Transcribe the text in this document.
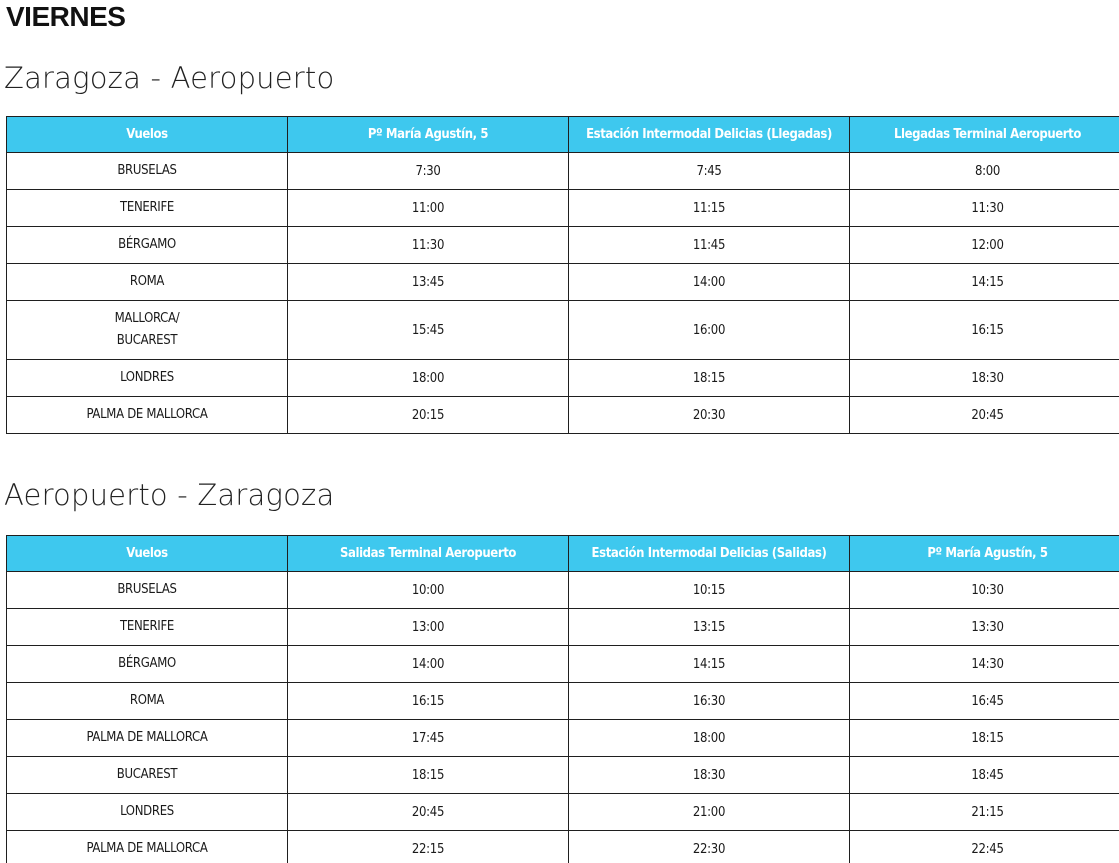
VIERNES
Zaragoza - Aeropuerto
Vuelos	Pº María Agustín, 5	Estación Intermodal Delicias (Llegadas)	Llegadas Terminal Aeropuerto
BRUSELAS	7:30	7:45	8:00
TENERIFE	11:00	11:15	11:30
BÉRGAMO	11:30	11:45	12:00
ROMA	13:45	14:00	14:15
MALLORCA/
BUCAREST	15:45	16:00	16:15
LONDRES	18:00	18:15	18:30
PALMA DE MALLORCA	20:15	20:30	20:45
Aeropuerto - Zaragoza
Vuelos	Salidas Terminal Aeropuerto	Estación Intermodal Delicias (Salidas)	Pº María Agustín, 5
BRUSELAS	10:00	10:15	10:30
TENERIFE	13:00	13:15	13:30
BÉRGAMO	14:00	14:15	14:30
ROMA	16:15	16:30	16:45
PALMA DE MALLORCA	17:45	18:00	18:15
BUCAREST	18:15	18:30	18:45
LONDRES	20:45	21:00	21:15
PALMA DE MALLORCA	22:15	22:30	22:45
